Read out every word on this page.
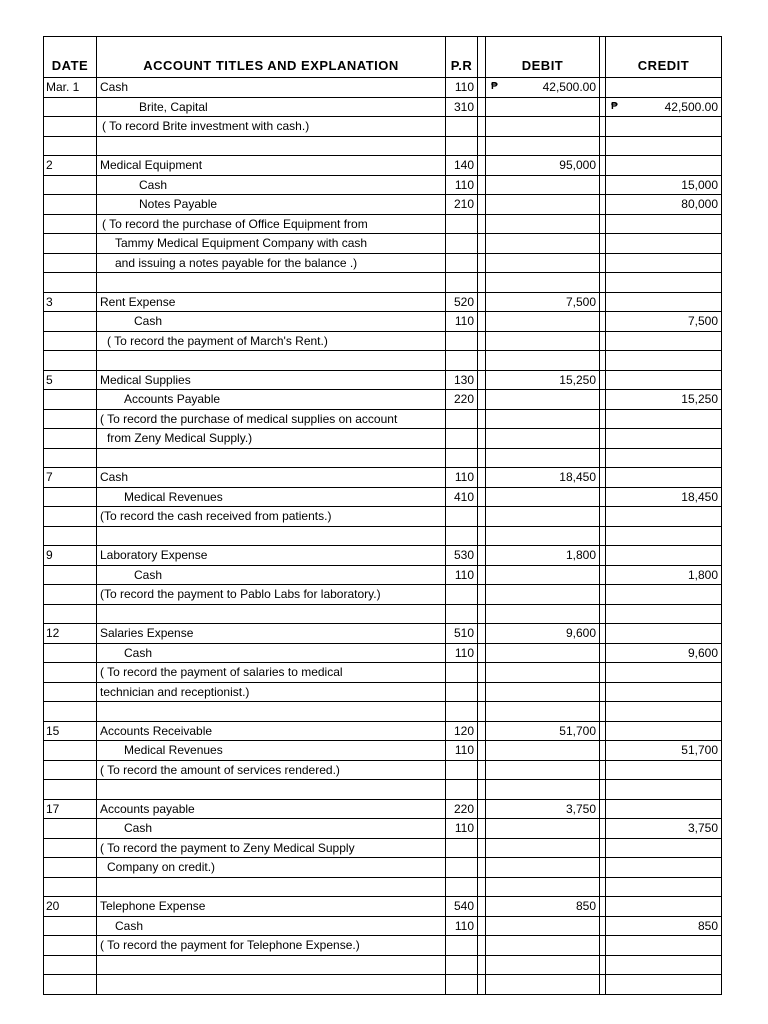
DATE	ACCOUNT TITLES AND EXPLANATION	P.R		DEBIT		CREDIT
Mar. 1	Cash	110		₱ 42,500.00		
	Brite, Capital	310				₱ 42,500.00
	( To record Brite investment with cash.)					

2	Medical Equipment	140		95,000		
	Cash	110				15,000
	Notes Payable	210				80,000
	( To record the purchase of Office Equipment from					
	Tammy Medical Equipment Company with cash					
	and issuing a notes payable for the balance .)					

3	Rent Expense	520		7,500		
	Cash	110				7,500
	( To record the payment of March's Rent.)					

5	Medical Supplies	130		15,250		
	Accounts Payable	220				15,250
	( To record the purchase of medical supplies on account					
	from Zeny Medical Supply.)					

7	Cash	110		18,450		
	Medical Revenues	410				18,450
	(To record the cash received from patients.)					

9	Laboratory Expense	530		1,800		
	Cash	110				1,800
	(To record the payment to Pablo Labs for laboratory.)					

12	Salaries Expense	510		9,600		
	Cash	110				9,600
	( To record the payment of salaries to medical					
	technician and receptionist.)					

15	Accounts Receivable	120		51,700		
	Medical Revenues	110				51,700
	( To record the amount of services rendered.)					

17	Accounts payable	220		3,750		
	Cash	110				3,750
	( To record the payment to Zeny Medical Supply					
	Company on credit.)					

20	Telephone Expense	540		850		
	Cash	110				850
	( To record the payment for Telephone Expense.)					
